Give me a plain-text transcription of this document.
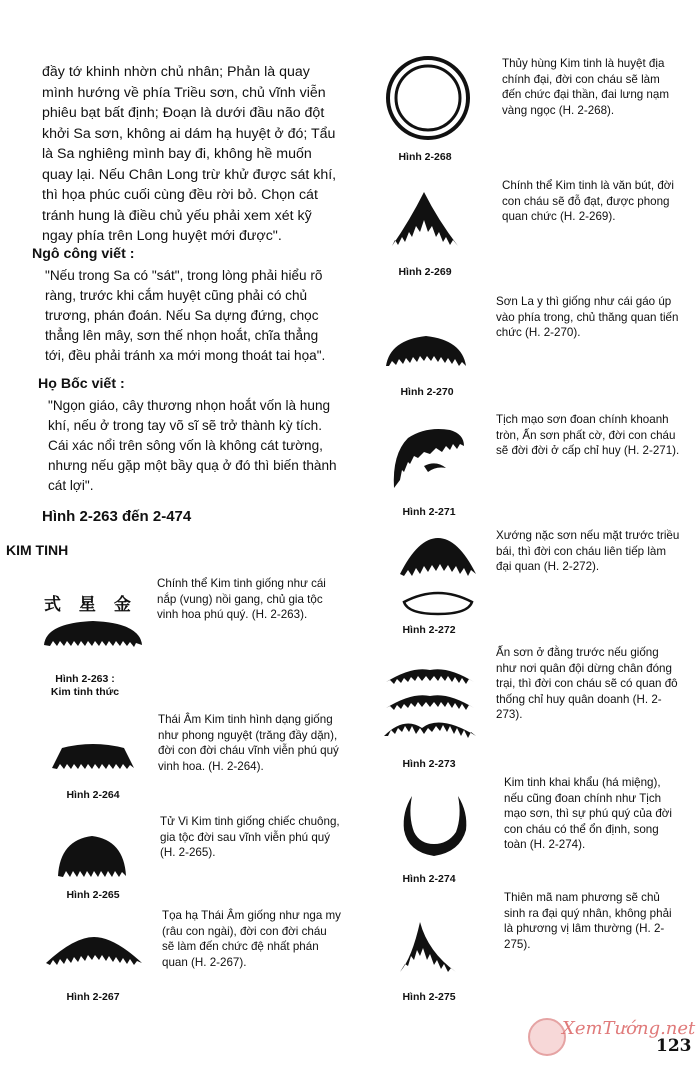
đầy tớ khinh nhờn chủ nhân; Phản là quay mình hướng về phía Triều sơn, chủ vĩnh viễn phiêu bạt bất định; Đoạn là dưới đầu não đột khởi Sa sơn, không ai dám hạ huyệt ở đó; Tẩu là Sa nghiêng mình bay đi, không hề muốn quay lại. Nếu Chân Long trừ khử được sát khí, thì họa phúc cuối cùng đều rời bỏ. Chọn cát tránh hung là điều chủ yếu phải xem xét kỹ ngay phía trên Long huyệt mới được".
Ngô công viết :
"Nếu trong Sa có "sát", trong lòng phải hiểu rõ ràng, trước khi cắm huyệt cũng phải có chủ trương, phán đoán. Nếu Sa dựng đứng, chọc thẳng lên mây, sơn thế nhọn hoắt, chĩa thẳng tới, đều phải tránh xa mới mong thoát tai họa".
Họ Bốc viết :
"Ngọn giáo, cây thương nhọn hoắt vốn là hung khí, nếu ở trong tay võ sĩ sẽ trở thành kỳ tích. Cái xác nổi trên sông vốn là không cát tường, nhưng nếu gặp một bầy quạ ở đó thì biến thành cát lợi".
Hình 2-263 đến 2-474
KIM TINH
式 星 金
Hình 2-263 :
Kim tinh thức
Chính thể Kim tinh giống như cái nắp (vung) nồi gang, chủ gia tộc vinh hoa phú quý. (H. 2-263).
Hình 2-264
Thái Âm Kim tinh hình dạng giống như phong nguyệt (trăng đầy dặn), đời con đời cháu vĩnh viễn phú quý vinh hoa. (H. 2-264).
Hình 2-265
Tử Vi Kim tinh giống chiếc chuông, gia tộc đời sau vĩnh viễn phú quý (H. 2-265).
Hình 2-267
Tọa hạ Thái Âm giống như nga my (râu con ngài), đời con đời cháu sẽ làm đến chức đệ nhất phán quan (H. 2-267).
Hình 2-268
Thủy hùng Kim tinh là huyệt địa chính đại, đời con cháu sẽ làm đến chức đại thần, đai lưng nạm vàng ngọc (H. 2-268).
Hình 2-269
Chính thể Kim tinh là văn bút, đời con cháu sẽ đỗ đạt, được phong quan chức (H. 2-269).
Hình 2-270
Sơn La y thì giống như cái gáo úp vào phía trong, chủ thăng quan tiến chức (H. 2-270).
Hình 2-271
Tịch mạo sơn đoan chính khoanh tròn, Ấn sơn phất cờ, đời con cháu sẽ đời đời ở cấp chỉ huy (H. 2-271).
Hình 2-272
Xướng nặc sơn nếu mặt trước triều bái, thì đời con cháu liên tiếp làm đại quan (H. 2-272).
Hình 2-273
Ấn sơn ở đằng trước nếu giống như nơi quân đội dừng chân đóng trại, thì đời con cháu sẽ có quan đô thống chỉ huy quân doanh (H. 2-273).
Hình 2-274
Kim tinh khai khẩu (há miệng), nếu cũng đoan chính như Tịch mạo sơn, thì sự phú quý của đời con cháu có thể ổn định, song toàn (H. 2-274).
Hình 2-275
Thiên mã nam phương sẽ chủ sinh ra đại quý nhân, không phải là phương vị lâm thường (H. 2-275).
XemTướng.net
123
